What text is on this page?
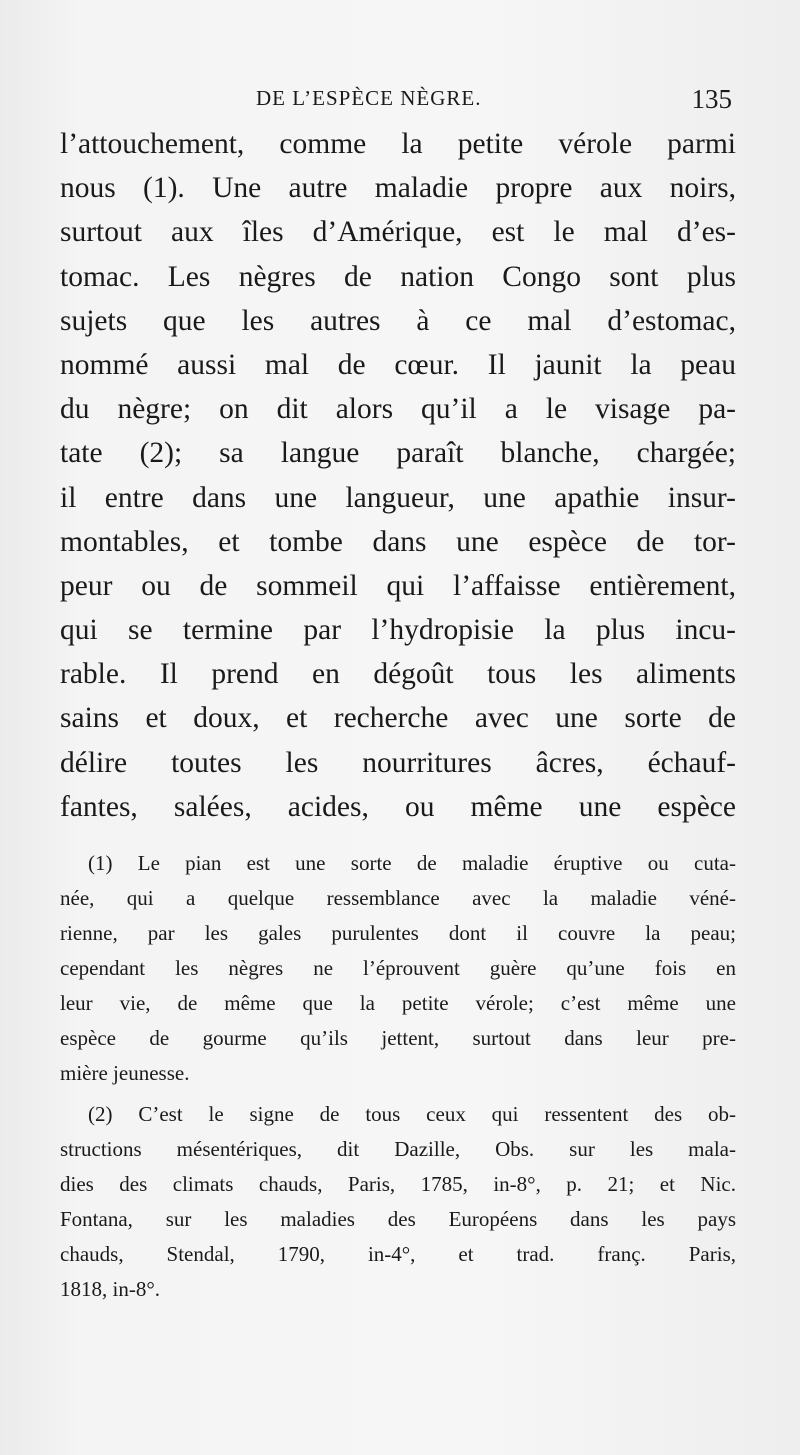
DE L’ESPÈCE NÈGRE.	135
l’attouchement, comme la petite vérole parmi
nous (1). Une autre maladie propre aux noirs,
surtout aux îles d’Amérique, est le mal d’es-
tomac. Les nègres de nation Congo sont plus
sujets que les autres à ce mal d’estomac,
nommé aussi mal de cœur. Il jaunit la peau
du nègre; on dit alors qu’il a le visage pa-
tate (2); sa langue paraît blanche, chargée;
il entre dans une langueur, une apathie insur-
montables, et tombe dans une espèce de tor-
peur ou de sommeil qui l’affaisse entièrement,
qui se termine par l’hydropisie la plus incu-
rable. Il prend en dégoût tous les aliments
sains et doux, et recherche avec une sorte de
délire toutes les nourritures âcres, échauf-
fantes, salées, acides, ou même une espèce
(1) Le pian est une sorte de maladie éruptive ou cuta-
née, qui a quelque ressemblance avec la maladie véné-
rienne, par les gales purulentes dont il couvre la peau;
cependant les nègres ne l’éprouvent guère qu’une fois en
leur vie, de même que la petite vérole; c’est même une
espèce de gourme qu’ils jettent, surtout dans leur pre-
mière jeunesse.
(2) C’est le signe de tous ceux qui ressentent des ob-
structions mésentériques, dit Dazille, Obs. sur les mala-
dies des climats chauds, Paris, 1785, in-8°, p. 21; et Nic.
Fontana, sur les maladies des Européens dans les pays
chauds, Stendal, 1790, in-4°, et trad. franç. Paris,
1818, in-8°.
